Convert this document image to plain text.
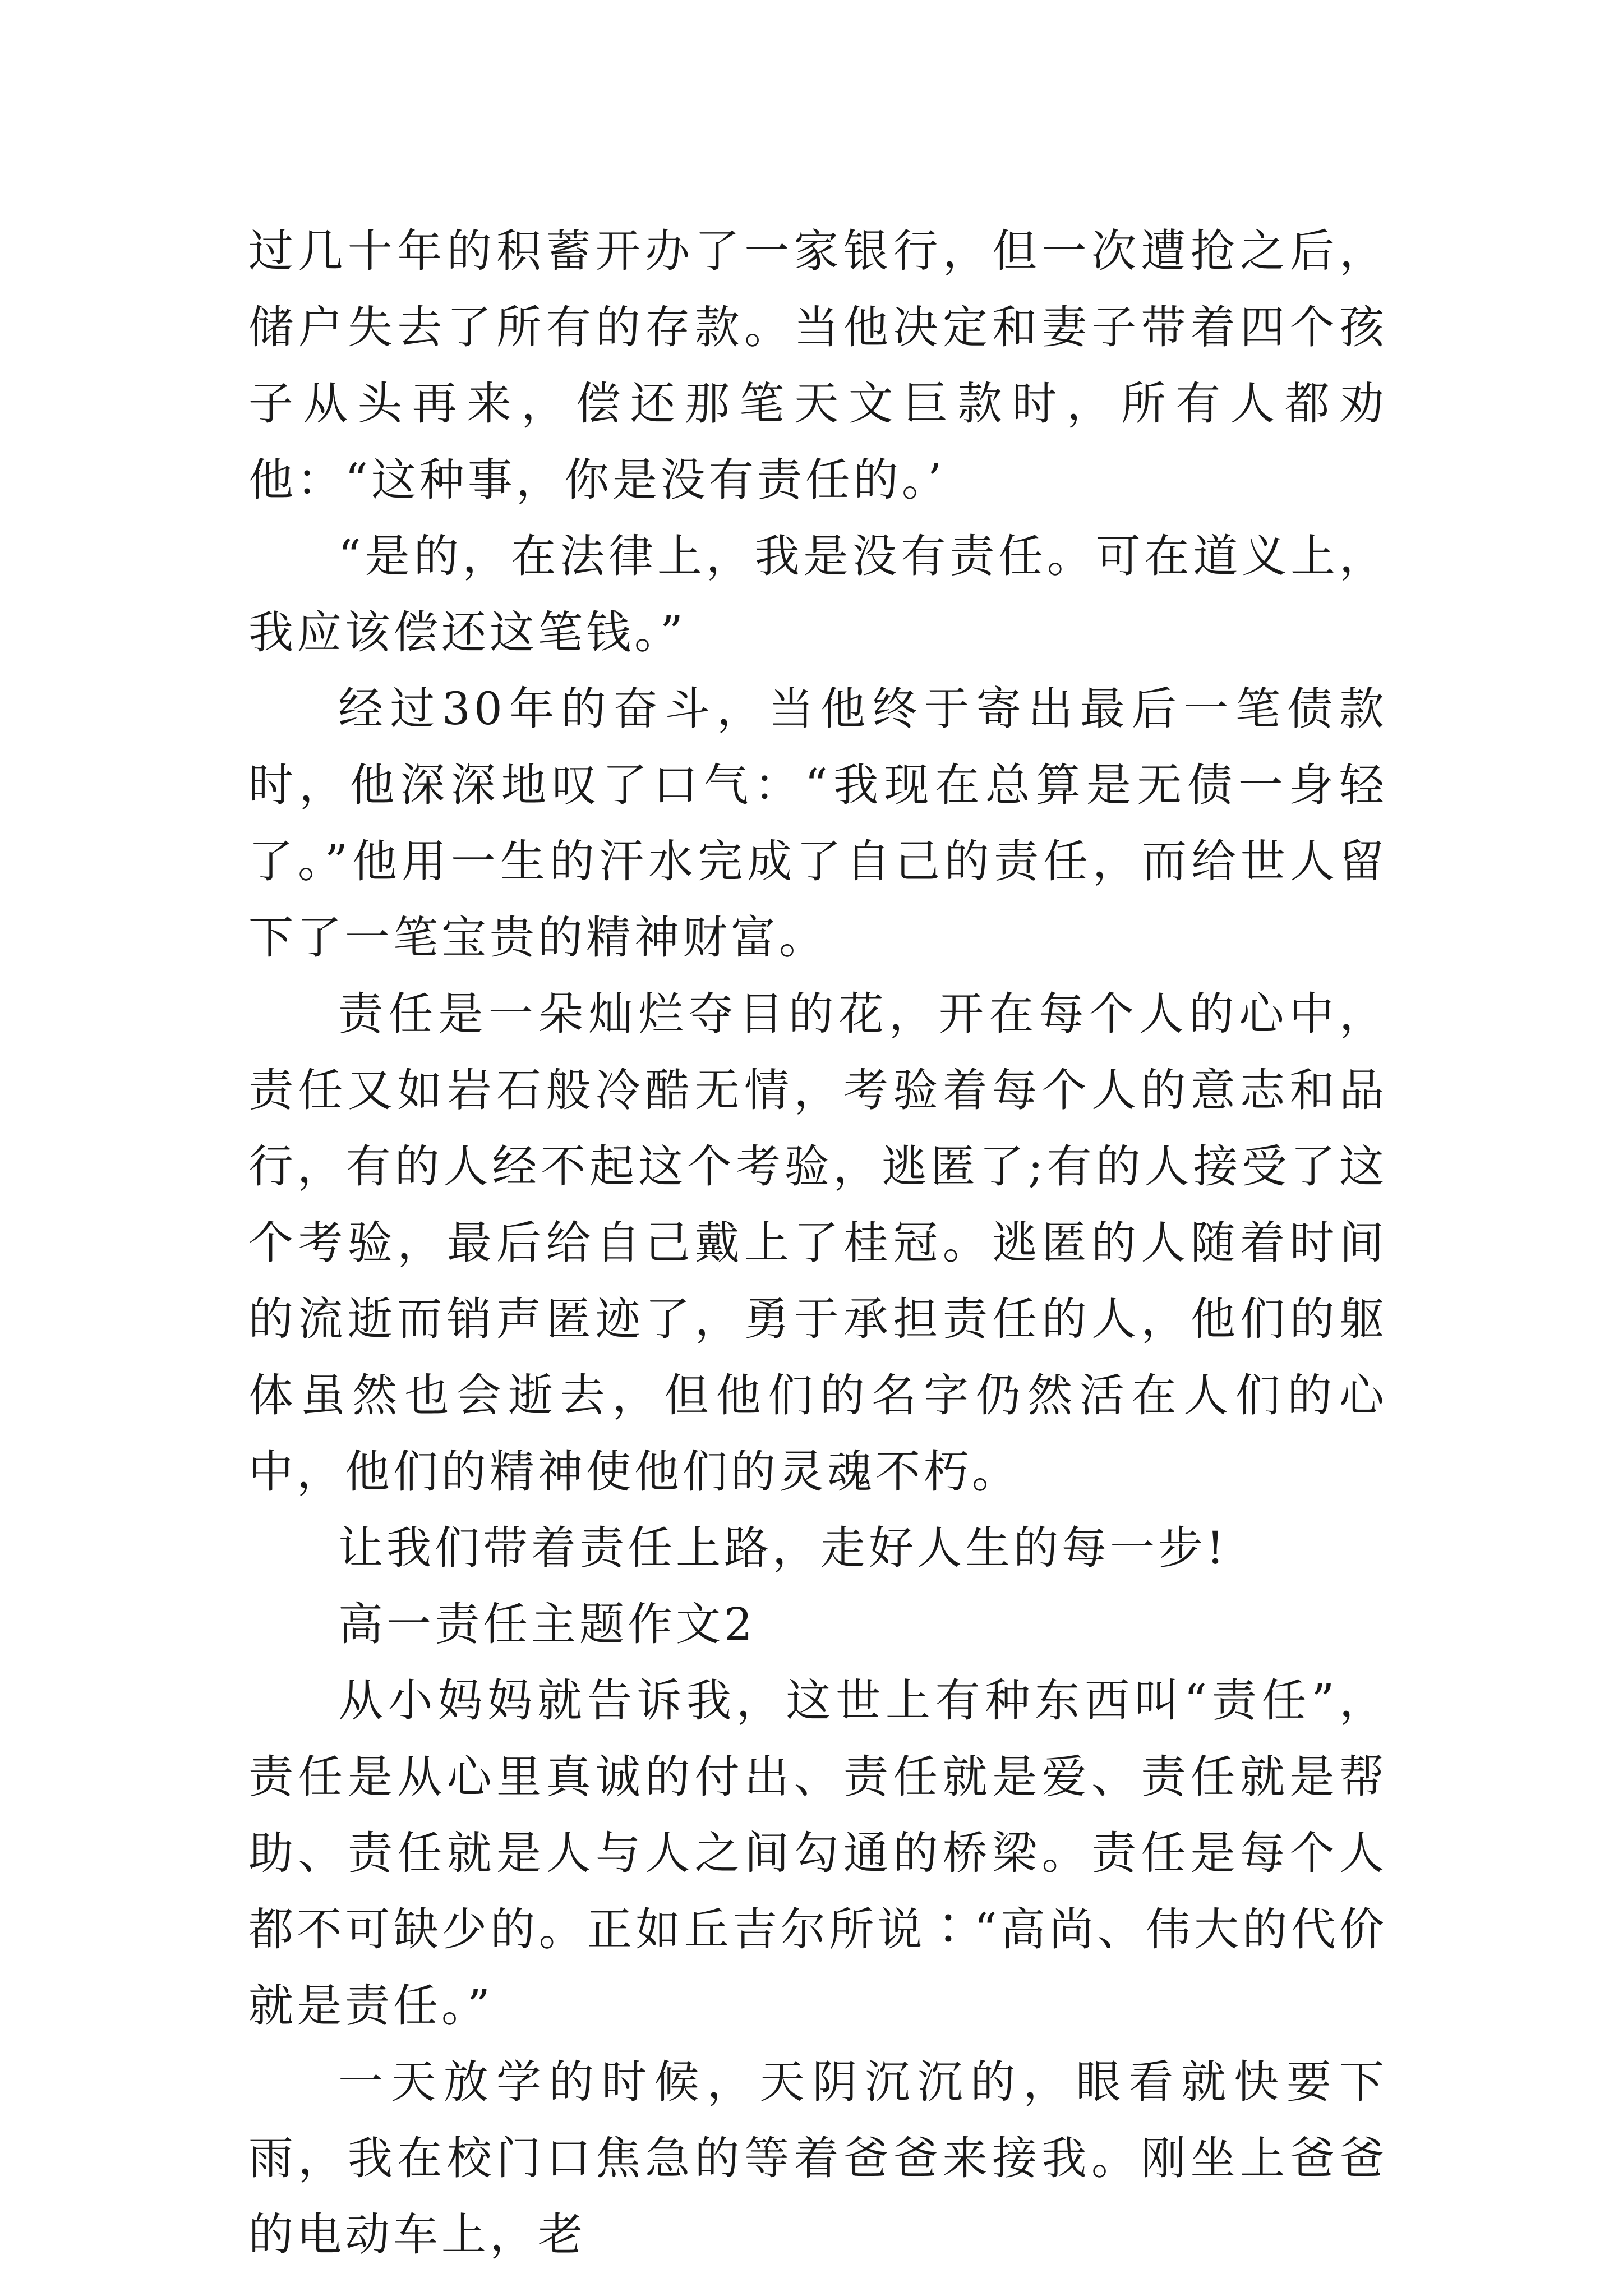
过几十年的积蓄开办了一家银行，但一次遭抢之后，储户失去了所有的存款。当他决定和妻子带着四个孩子从头再来，偿还那笔天文巨款时，所有人都劝他：“这种事，你是没有责任的。’

“是的，在法律上，我是没有责任。可在道义上，我应该偿还这笔钱。”

经过30年的奋斗，当他终于寄出最后一笔债款时，他深深地叹了口气：“我现在总算是无债一身轻了。”他用一生的汗水完成了自己的责任，而给世人留下了一笔宝贵的精神财富。

责任是一朵灿烂夺目的花，开在每个人的心中，责任又如岩石般冷酷无情，考验着每个人的意志和品行，有的人经不起这个考验，逃匿了;有的人接受了这个考验，最后给自己戴上了桂冠。逃匿的人随着时间的流逝而销声匿迹了，勇于承担责任的人，他们的躯体虽然也会逝去，但他们的名字仍然活在人们的心中，他们的精神使他们的灵魂不朽。

让我们带着责任上路，走好人生的每一步!

高一责任主题作文2

从小妈妈就告诉我，这世上有种东西叫“责任”，责任是从心里真诚的付出、责任就是爱、责任就是帮助、责任就是人与人之间勾通的桥梁。责任是每个人都不可缺少的。正如丘吉尔所说∶“高尚、伟大的代价就是责任。”

一天放学的时候，天阴沉沉的，眼看就快要下雨，我在校门口焦急的等着爸爸来接我。刚坐上爸爸的电动车上，老
